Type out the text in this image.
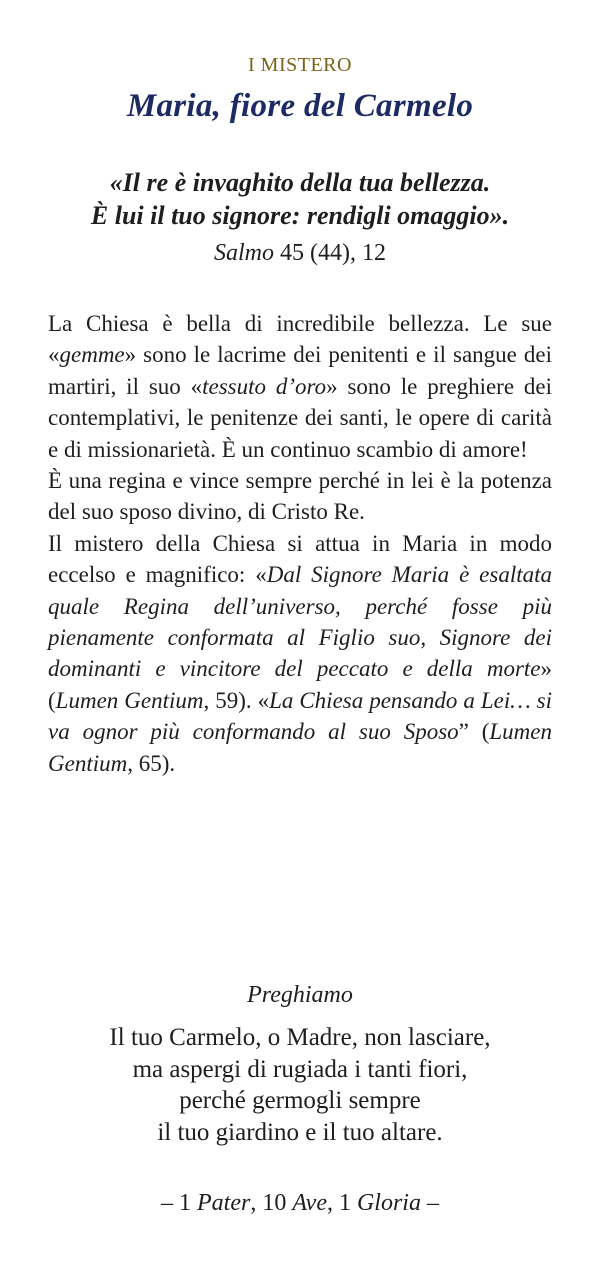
I MISTERO
Maria, fiore del Carmelo
«Il re è invaghito della tua bellezza.
È lui il tuo signore: rendigli omaggio».
Salmo 45 (44), 12

La Chiesa è bella di incredibile bellezza. Le sue «gemme» sono le lacrime dei penitenti e il sangue dei martiri, il suo «tessuto d’oro» sono le preghiere dei contemplativi, le penitenze dei santi, le opere di carità e di missionarietà. È un continuo scambio di amore!

È una regina e vince sempre perché in lei è la potenza del suo sposo divino, di Cristo Re.

Il mistero della Chiesa si attua in Maria in modo eccelso e magnifico: «Dal Signore Maria è esaltata quale Regina dell’universo, perché fosse più pienamente conformata al Figlio suo, Signore dei dominanti e vincitore del peccato e della morte» (Lumen Gentium, 59). «La Chiesa pensando a Lei… si va ognor più conformando al suo Sposo” (Lumen Gentium, 65).

Preghiamo
Il tuo Carmelo, o Madre, non lasciare,
ma aspergi di rugiada i tanti fiori,
perché germogli sempre
il tuo giardino e il tuo altare.
– 1 Pater, 10 Ave, 1 Gloria –
